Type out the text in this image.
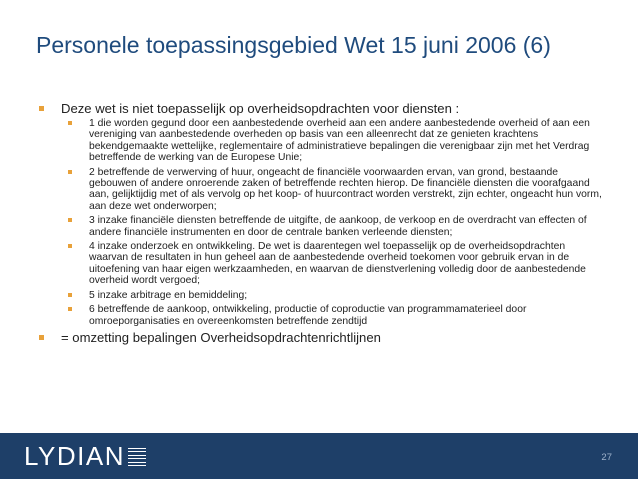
Personele toepassingsgebied Wet 15 juni 2006 (6)
Deze wet is niet toepasselijk op overheidsopdrachten voor diensten :
1 die worden gegund door een aanbestedende overheid aan een andere aanbestedende overheid of aan een vereniging van aanbestedende overheden op basis van een alleenrecht dat ze genieten krachtens bekendgemaakte wettelijke, reglementaire of administratieve bepalingen die verenigbaar zijn met het Verdrag betreffende de werking van de Europese Unie;
2 betreffende de verwerving of huur, ongeacht de financiële voorwaarden ervan, van grond, bestaande gebouwen of andere onroerende zaken of betreffende rechten hierop. De financiële diensten die voorafgaand aan, gelijktijdig met of als vervolg op het koop- of huurcontract worden verstrekt, zijn echter, ongeacht hun vorm, aan deze wet onderworpen;
3 inzake financiële diensten betreffende de uitgifte, de aankoop, de verkoop en de overdracht van effecten of andere financiële instrumenten en door de centrale banken verleende diensten;
4 inzake onderzoek en ontwikkeling. De wet is daarentegen wel toepasselijk op de overheidsopdrachten waarvan de resultaten in hun geheel aan de aanbestedende overheid toekomen voor gebruik ervan in de uitoefening van haar eigen werkzaamheden, en waarvan de dienstverlening volledig door de aanbestedende overheid wordt vergoed;
5 inzake arbitrage en bemiddeling;
6 betreffende de aankoop, ontwikkeling, productie of coproductie van programmamaterieel door omroeporganisaties en overeenkomsten betreffende zendtijd
= omzetting bepalingen Overheidsopdrachtenrichtlijnen
LYDIAN	27
